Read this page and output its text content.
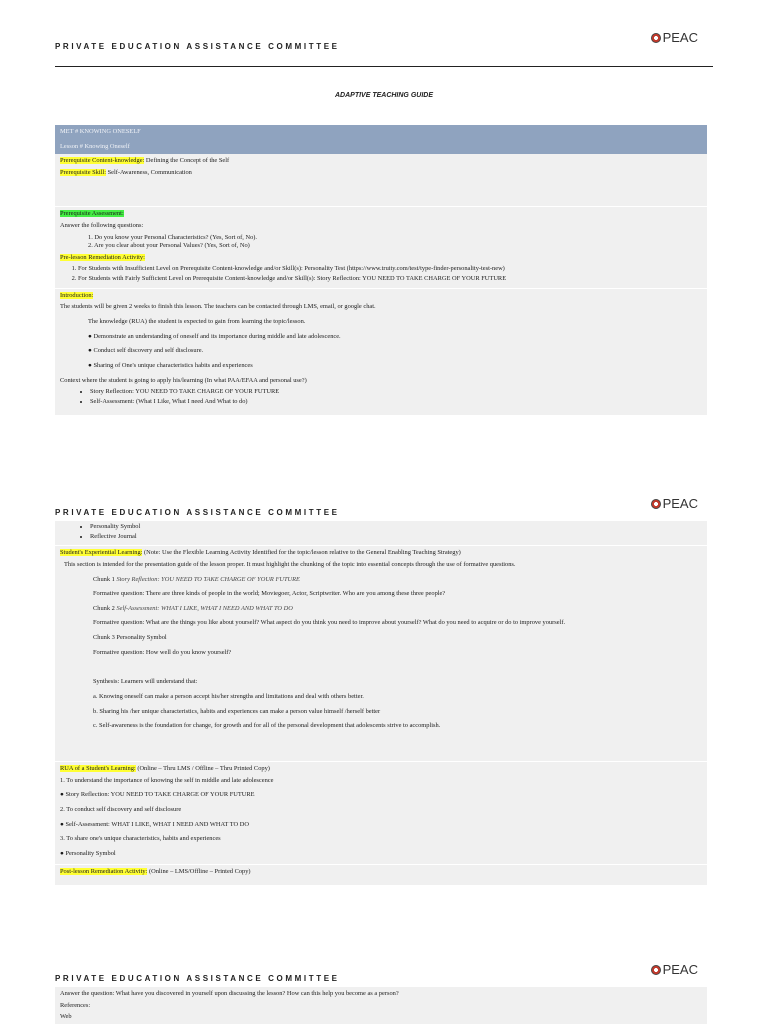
PRIVATE EDUCATION ASSISTANCE COMMITTEE
PEAC
ADAPTIVE TEACHING GUIDE
MET # KNOWING ONESELF
Lesson # Knowing Oneself
Prerequisite Content-knowledge: Defining the Concept of the Self
Prerequisite Skill: Self-Awareness, Communication
Prerequisite Assessment:
Answer the following questions:
1. Do you know your Personal Characteristics? (Yes, Sort of, No).
2. Are you clear about your Personal Values? (Yes, Sort of, No)
Pre-lesson Remediation Activity:
1. For Students with Insufficient Level on Prerequisite Content-knowledge and/or Skill(s): Personality Test (https://www.truity.com/test/type-finder-personality-test-new)
2. For Students with Fairly Sufficient Level on Prerequisite Content-knowledge and/or Skill(s): Story Reflection: YOU NEED TO TAKE CHARGE OF YOUR FUTURE
Introduction:
The students will be given 2 weeks to finish this lesson. The teachers can be contacted through LMS, email, or google chat.
The knowledge (RUA) the student is expected to gain from learning the topic/lesson.
● Demonstrate an understanding of oneself and its importance during middle and late adolescence.
● Conduct self discovery and self disclosure.
● Sharing of One's unique characteristics habits and experiences
Context where the student is going to apply his/learning (In what PAA/EFAA and personal use?)
• Story Reflection: YOU NEED TO TAKE CHARGE OF YOUR FUTURE
• Self-Assessment: (What I Like, What I need And What to do)
PRIVATE EDUCATION ASSISTANCE COMMITTEE
PEAC
• Personality Symbol
• Reflective Journal
Student's Experiential Learning: (Note: Use the Flexible Learning Activity Identified for the topic/lesson relative to the General Enabling Teaching Strategy)
This section is intended for the presentation guide of the lesson proper. It must highlight the chunking of the topic into essential concepts through the use of formative questions.
Chunk 1 Story Reflection: YOU NEED TO TAKE CHARGE OF YOUR FUTURE
Formative question: There are three kinds of people in the world; Moviegoer, Actor, Scriptwriter. Who are you among these three people?
Chunk 2 Self-Assessment: WHAT I LIKE, WHAT I NEED AND WHAT TO DO
Formative question: What are the things you like about yourself? What aspect do you think you need to improve about yourself? What do you need to acquire or do to improve yourself.
Chunk 3 Personality Symbol
Formative question: How well do you know yourself?
Synthesis: Learners will understand that:
a. Knowing oneself can make a person accept his/her strengths and limitations and deal with others better.
b. Sharing his /her unique characteristics, habits and experiences can make a person value himself /herself better
c. Self-awareness is the foundation for change, for growth and for all of the personal development that adolescents strive to accomplish.
RUA of a Student's Learning: (Online – Thru LMS / Offline – Thru Printed Copy)
1. To understand the importance of knowing the self in middle and late adolescence
● Story Reflection: YOU NEED TO TAKE CHARGE OF YOUR FUTURE
2. To conduct self discovery and self disclosure
● Self-Assessment: WHAT I LIKE, WHAT I NEED AND WHAT TO DO
3. To share one's unique characteristics, habits and experiences
● Personality Symbol
Post-lesson Remediation Activity: (Online – LMS/Offline – Printed Copy)
PRIVATE EDUCATION ASSISTANCE COMMITTEE
PEAC
Answer the question: What have you discovered in yourself upon discussing the lesson? How can this help you become as a person?
References:
Web
